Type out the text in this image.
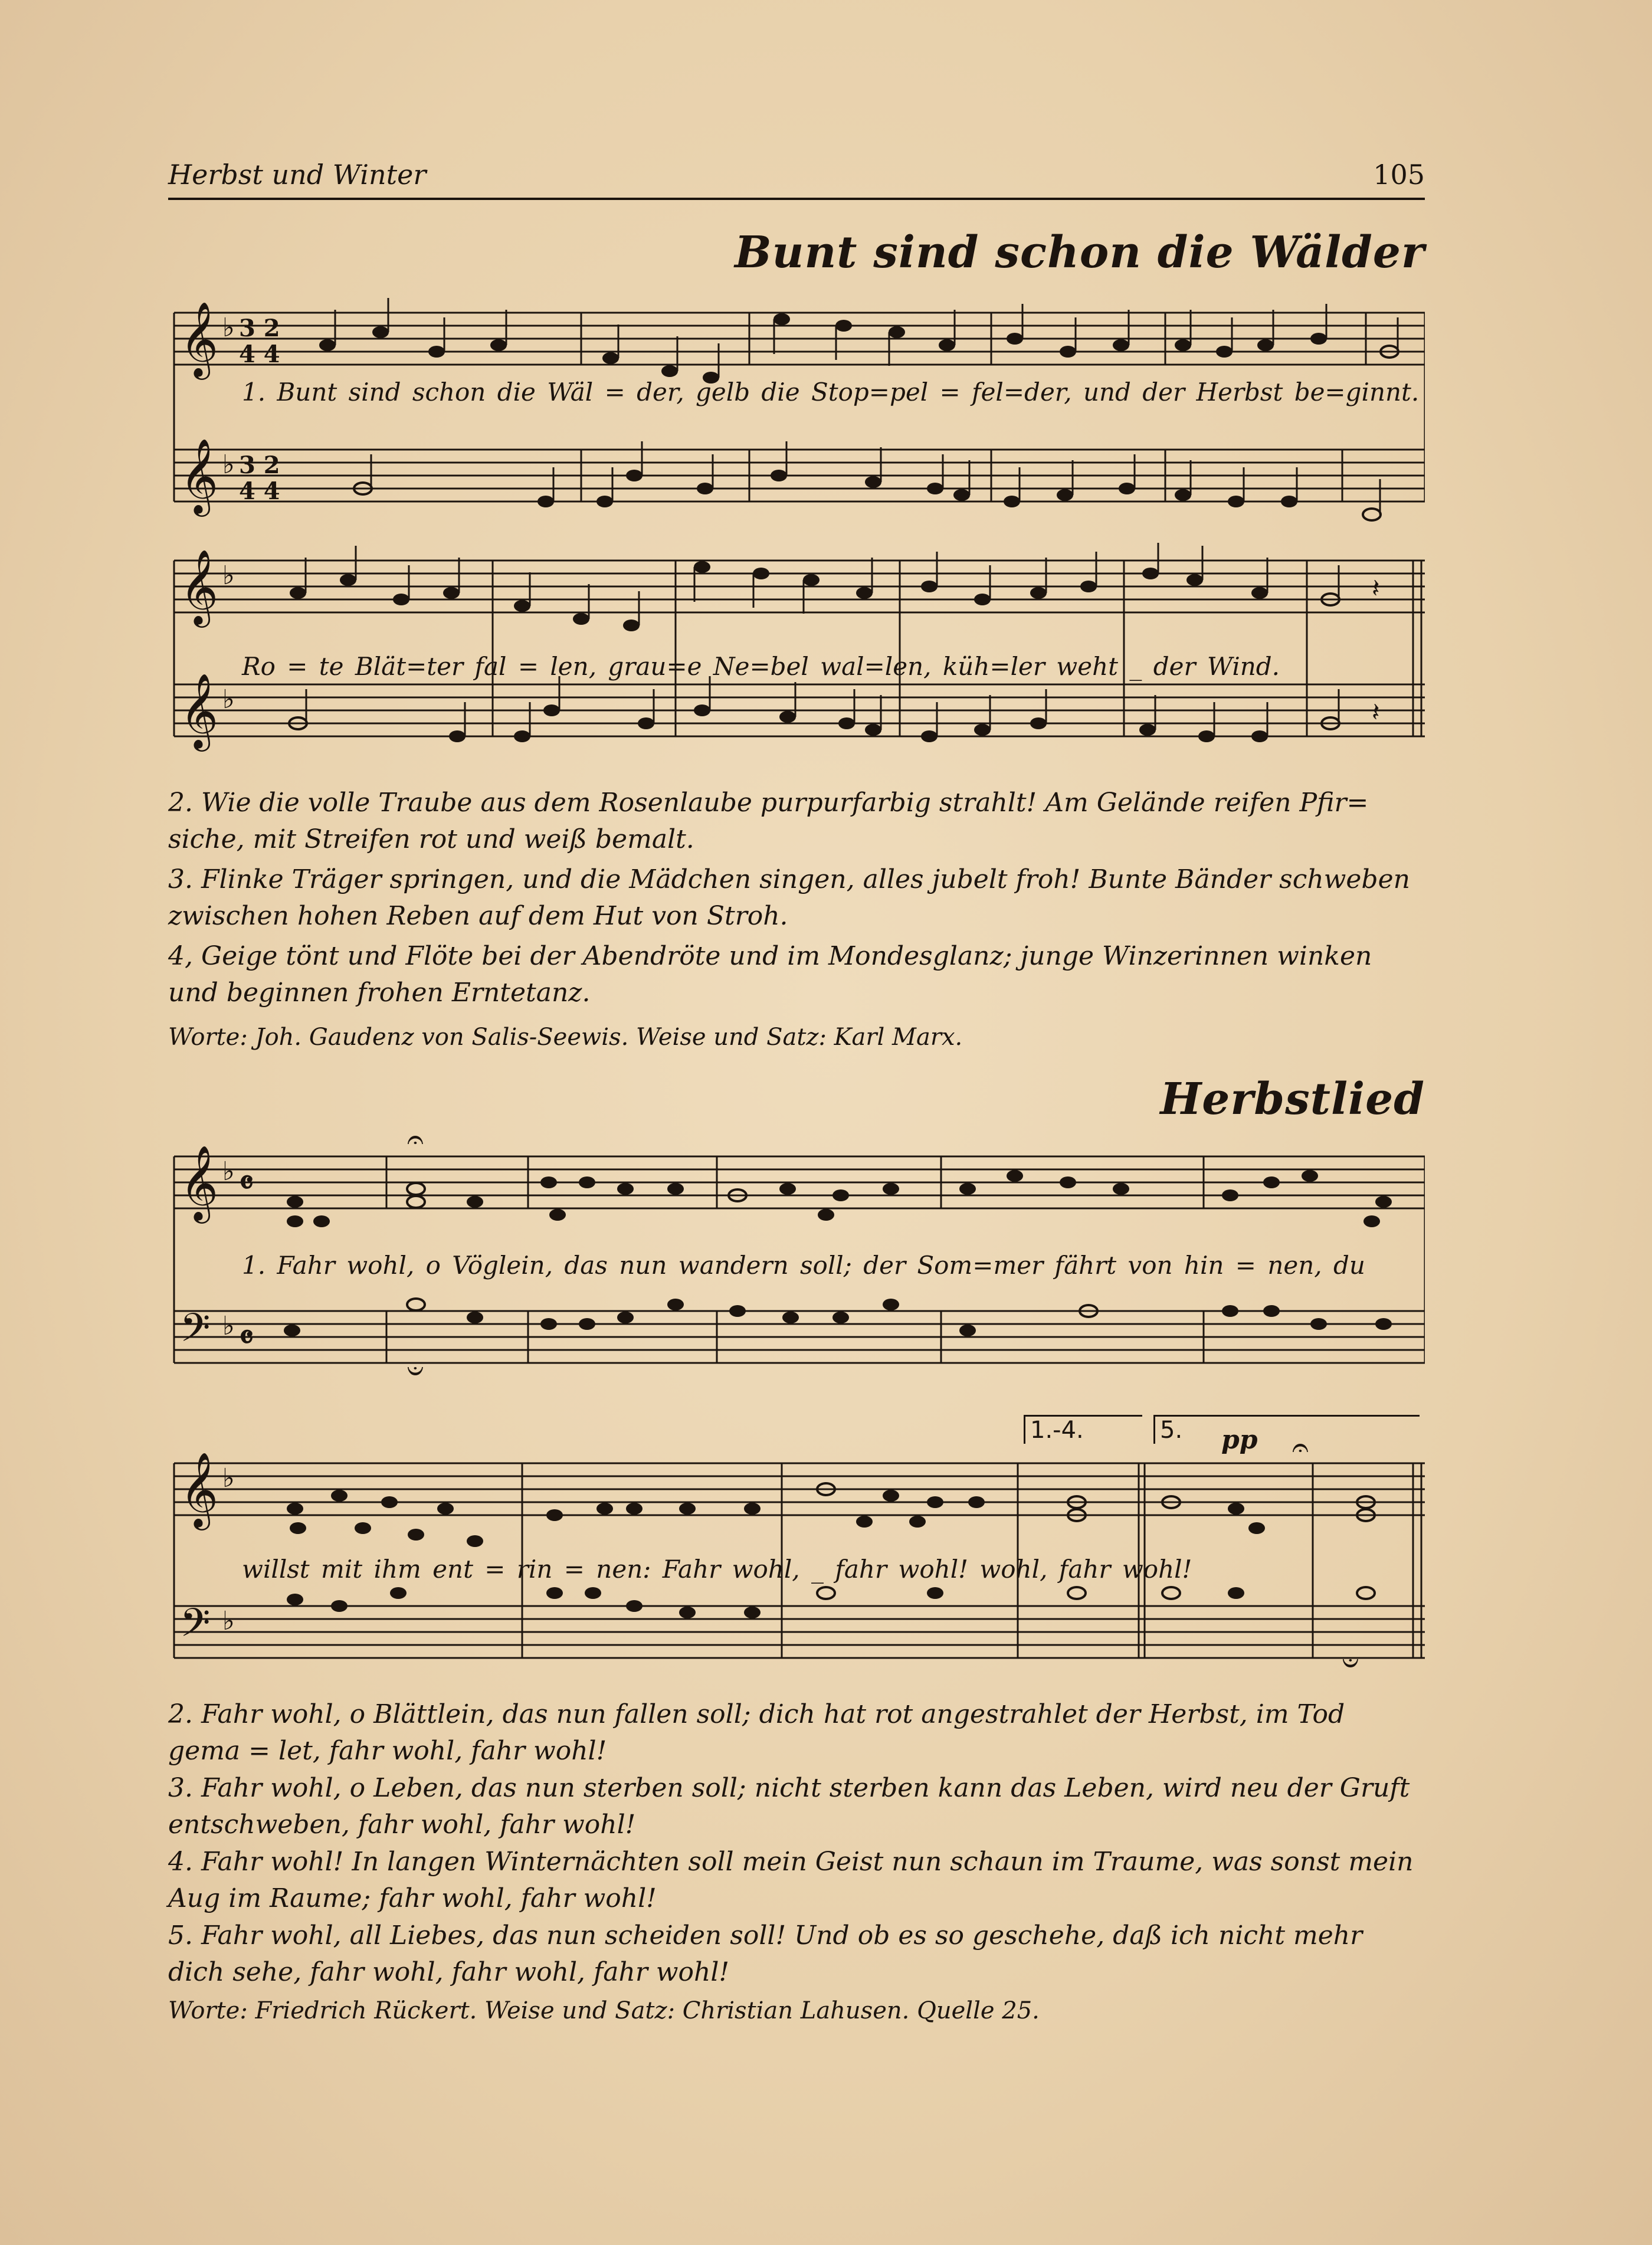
Herbst und Winter	105
Bunt sind schon die Wälder
𝄞
𝄞
♭
♭
3 2
4 4
3 2
4 4
1. Bunt sind schon die Wäl = der, gelb die Stop=pel = fel=der, und der Herbst be=ginnt.
𝄞
𝄞
♭
♭
𝄽
𝄽
Ro = te Blät=ter fal = len, grau=e Ne=bel wal=len, küh=ler weht _ der Wind.
2. Wie die volle Traube aus dem Rosenlaube purpurfarbig strahlt! Am Gelände reifen Pfir= siche, mit Streifen rot und weiß bemalt.
3. Flinke Träger springen, und die Mädchen singen, alles jubelt froh! Bunte Bänder schweben zwischen hohen Reben auf dem Hut von Stroh.
4, Geige tönt und Flöte bei der Abendröte und im Mondesglanz; junge Winzerinnen winken und beginnen frohen Erntetanz.
Worte: Joh. Gaudenz von Salis-Seewis. Weise und Satz: Karl Marx.
Herbstlied
𝄞
𝄢
♭
♭
𝄴
𝄴
𝄐
𝄑
1. Fahr wohl, o Vöglein, das nun wandern soll; der Som=mer fährt von hin = nen, du
1.-4.	5.	pp
𝄞
𝄢
♭
♭
𝄐
𝄑
willst mit ihm ent = rin = nen: Fahr wohl, _ fahr wohl! wohl, fahr wohl!
2. Fahr wohl, o Blättlein, das nun fallen soll; dich hat rot angestrahlet der Herbst, im Tod gema = let, fahr wohl, fahr wohl!
3. Fahr wohl, o Leben, das nun sterben soll; nicht sterben kann das Leben, wird neu der Gruft entschweben, fahr wohl, fahr wohl!
4. Fahr wohl! In langen Winternächten soll mein Geist nun schaun im Traume, was sonst mein Aug im Raume; fahr wohl, fahr wohl!
5. Fahr wohl, all Liebes, das nun scheiden soll! Und ob es so geschehe, daß ich nicht mehr dich sehe, fahr wohl, fahr wohl, fahr wohl!
Worte: Friedrich Rückert. Weise und Satz: Christian Lahusen. Quelle 25.
